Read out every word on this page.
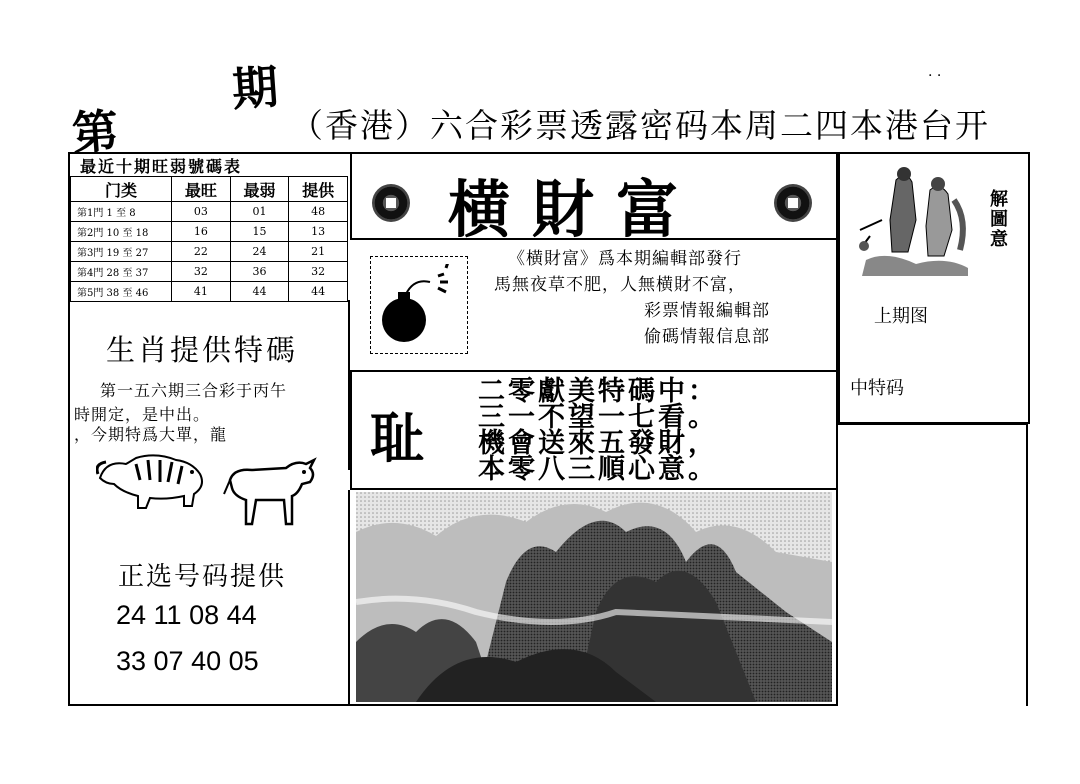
第
期
（香港）六合彩票透露密码本周二四本港台开
. .
最近十期旺弱號碼表
门类	最旺	最弱	提供
第1門 1 至 8	03	01	48
第2門 10 至 18	16	15	13
第3門 19 至 27	22	24	21
第4門 28 至 37	32	36	32
第5門 38 至 46	41	44	44
生肖提供特碼
第一五六期三合彩于丙午
時開定，是中出。
，今期特爲大單，龍
正选号码提供
24 11 08 44
33 07 40 05
横財富
《横財富》爲本期編輯部發行
馬無夜草不肥，人無横財不富，
彩票情報編輯部
偷碼情報信息部
耻
二零獻美特碼中：
三一不望一七看。
機會送來五發財，
本零八三順心意。
解圖意
上期图
中特码
